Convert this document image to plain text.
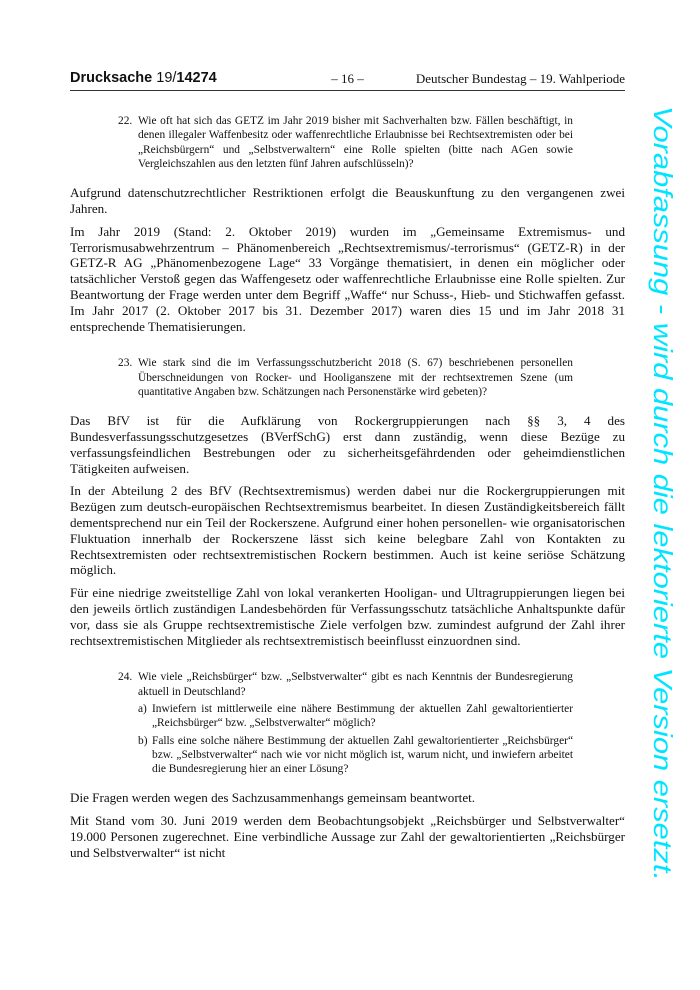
Drucksache 19/14274	– 16 –	Deutscher Bundestag – 19. Wahlperiode
22. Wie oft hat sich das GETZ im Jahr 2019 bisher mit Sachverhalten bzw. Fällen beschäftigt, in denen illegaler Waffenbesitz oder waffenrechtliche Erlaubnisse bei Rechtsextremisten oder bei „Reichsbürgern“ und „Selbstverwaltern“ eine Rolle spielten (bitte nach AGen sowie Vergleichszahlen aus den letzten fünf Jahren aufschlüsseln)?

Aufgrund datenschutzrechtlicher Restriktionen erfolgt die Beauskunftung zu den vergangenen zwei Jahren.

Im Jahr 2019 (Stand: 2. Oktober 2019) wurden im „Gemeinsame Extremismus- und Terrorismusabwehrzentrum – Phänomenbereich „Rechtsextremismus/-terrorismus“ (GETZ-R) in der GETZ-R AG „Phänomenbezogene Lage“ 33 Vorgänge thematisiert, in denen ein möglicher oder tatsächlicher Verstoß gegen das Waffengesetz oder waffenrechtliche Erlaubnisse eine Rolle spielten. Zur Beantwortung der Frage werden unter dem Begriff „Waffe“ nur Schuss-, Hieb- und Stichwaffen gefasst. Im Jahr 2017 (2. Oktober 2017 bis 31. Dezember 2017) waren dies 15 und im Jahr 2018 31 entsprechende Thematisierungen.

23. Wie stark sind die im Verfassungsschutzbericht 2018 (S. 67) beschriebenen personellen Überschneidungen von Rocker- und Hooliganszene mit der rechtsextremen Szene (um quantitative Angaben bzw. Schätzungen nach Personenstärke wird gebeten)?

Das BfV ist für die Aufklärung von Rockergruppierungen nach §§ 3, 4 des Bundesverfassungsschutzgesetzes (BVerfSchG) erst dann zuständig, wenn diese Bezüge zu verfassungsfeindlichen Bestrebungen oder zu sicherheitsgefährdenden oder geheimdienstlichen Tätigkeiten aufweisen.

In der Abteilung 2 des BfV (Rechtsextremismus) werden dabei nur die Rockergruppierungen mit Bezügen zum deutsch-europäischen Rechtsextremismus bearbeitet. In diesen Zuständigkeitsbereich fällt dementsprechend nur ein Teil der Rockerszene. Aufgrund einer hohen personellen- wie organisatorischen Fluktuation innerhalb der Rockerszene lässt sich keine belegbare Zahl von Kontakten zu Rechtsextremisten oder rechtsextremistischen Rockern bestimmen. Auch ist keine seriöse Schätzung möglich.

Für eine niedrige zweitstellige Zahl von lokal verankerten Hooligan- und Ultragruppierungen liegen bei den jeweils örtlich zuständigen Landesbehörden für Verfassungsschutz tatsächliche Anhaltspunkte dafür vor, dass sie als Gruppe rechtsextremistische Ziele verfolgen bzw. zumindest aufgrund der Zahl ihrer rechtsextremistischen Mitglieder als rechtsextremistisch beeinflusst einzuordnen sind.

24. Wie viele „Reichsbürger“ bzw. „Selbstverwalter“ gibt es nach Kenntnis der Bundesregierung aktuell in Deutschland?
a) Inwiefern ist mittlerweile eine nähere Bestimmung der aktuellen Zahl gewaltorientierter „Reichsbürger“ bzw. „Selbstverwalter“ möglich?
b) Falls eine solche nähere Bestimmung der aktuellen Zahl gewaltorientierter „Reichsbürger“ bzw. „Selbstverwalter“ nach wie vor nicht möglich ist, warum nicht, und inwiefern arbeitet die Bundesregierung hier an einer Lösung?

Die Fragen werden wegen des Sachzusammenhangs gemeinsam beantwortet.

Mit Stand vom 30. Juni 2019 werden dem Beobachtungsobjekt „Reichsbürger und Selbstverwalter“ 19.000 Personen zugerechnet. Eine verbindliche Aussage zur Zahl der gewaltorientierten „Reichsbürger und Selbstverwalter“ ist nicht

Vorabfassung - wird durch die lektorierte Version ersetzt.
